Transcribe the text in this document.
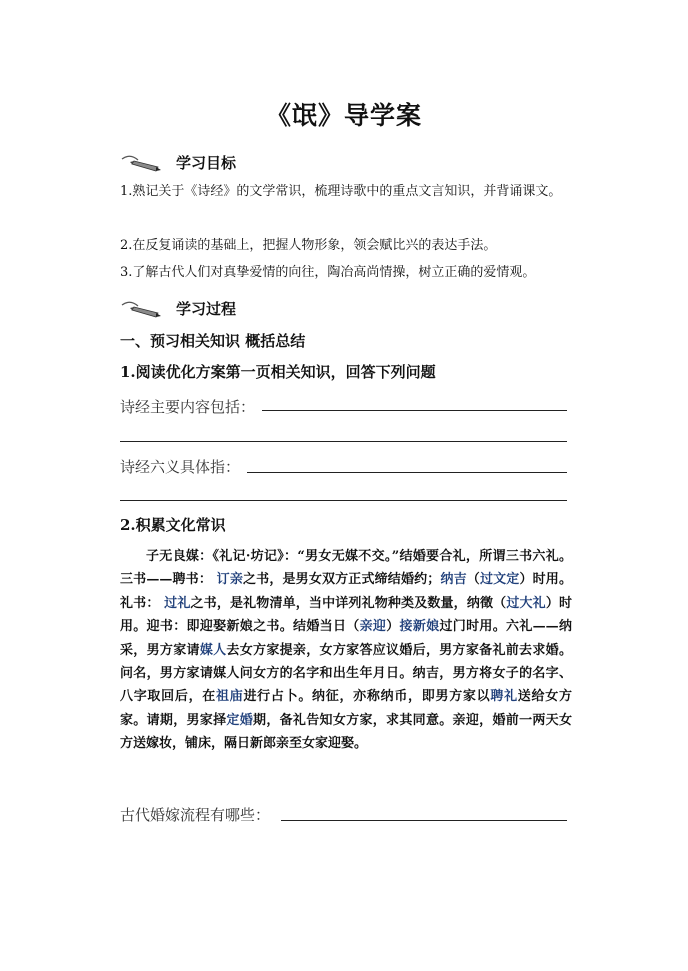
《氓》导学案
学习目标
1.熟记关于《诗经》的文学常识，梳理诗歌中的重点文言知识，并背诵课文。
2.在反复诵读的基础上，把握人物形象，领会赋比兴的表达手法。
3.了解古代人们对真挚爱情的向往，陶冶高尚情操，树立正确的爱情观。
学习过程
一、预习相关知识 概括总结
1.阅读优化方案第一页相关知识，回答下列问题
诗经主要内容包括：
诗经六义具体指：
2.积累文化常识
子无良媒：《礼记·坊记》：“男女无媒不交。”结婚要合礼，所谓三书六礼。三书——聘书： 订亲之书，是男女双方正式缔结婚约；纳吉（过文定）时用。礼书： 过礼之书，是礼物清单，当中详列礼物种类及数量，纳徵（过大礼）时用。迎书：即迎娶新娘之书。结婚当日（亲迎）接新娘过门时用。六礼——纳采，男方家请媒人去女方家提亲，女方家答应议婚后，男方家备礼前去求婚。问名，男方家请媒人问女方的名字和出生年月日。纳吉，男方将女子的名字、八字取回后，在祖庙进行占卜。纳征，亦称纳币，即男方家以聘礼送给女方家。请期，男家择定婚期，备礼告知女方家，求其同意。亲迎，婚前一两天女方送嫁妆，铺床，隔日新郎亲至女家迎娶。
古代婚嫁流程有哪些：
